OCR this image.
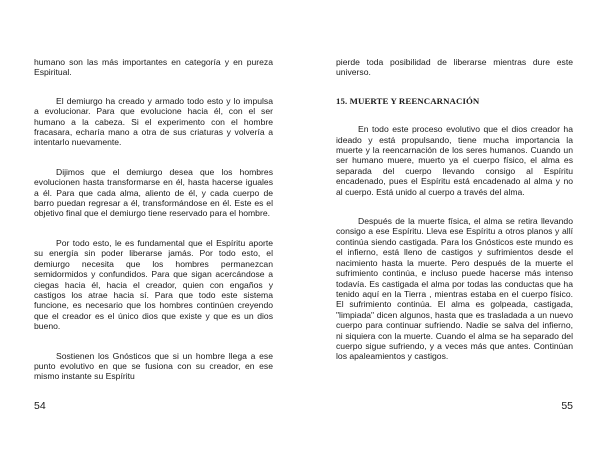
humano son las más importantes en categoría y en pureza Espiritual.

El demiurgo ha creado y armado todo esto y lo impulsa a evolucionar. Para que evolucione hacia él, con el ser humano a la cabeza. Si el experimento con el hombre fracasara, echaría mano a otra de sus criaturas y volvería a intentarlo nuevamente.

Dijimos que el demiurgo desea que los hombres evolucionen hasta transformarse en él, hasta hacerse iguales a él. Para que cada alma, aliento de él, y cada cuerpo de barro puedan regresar a él, transformándose en él. Este es el objetivo final que el demiurgo tiene reservado para el hombre.

Por todo esto, le es fundamental que el Espíritu aporte su energía sin poder liberarse jamás. Por todo esto, el demiurgo necesita que los hombres permanezcan semidormidos y confundidos. Para que sigan acercándose a ciegas hacia él, hacia el creador, quien con engaños y castigos los atrae hacia sí. Para que todo este sistema funcione, es necesario que los hombres continúen creyendo que el creador es el único dios que existe y que es un dios bueno.

Sostienen los Gnósticos que si un hombre llega a ese punto evolutivo en que se fusiona con su creador, en ese mismo instante su Espíritu

54

pierde toda posibilidad de liberarse mientras dure este universo.

15. MUERTE Y REENCARNACIÓN

En todo este proceso evolutivo que el dios creador ha ideado y está propulsando, tiene mucha importancia la muerte y la reencarnación de los seres humanos. Cuando un ser humano muere, muerto ya el cuerpo físico, el alma es separada del cuerpo llevando consigo al Espíritu encadenado, pues el Espíritu está encadenado al alma y no al cuerpo. Está unido al cuerpo a través del alma.

Después de la muerte física, el alma se retira llevando consigo a ese Espíritu. Lleva ese Espíritu a otros planos y allí continúa siendo castigada. Para los Gnósticos este mundo es el infierno, está lleno de castigos y sufrimientos desde el nacimiento hasta la muerte. Pero después de la muerte el sufrimiento continúa, e incluso puede hacerse más intenso todavía. Es castigada el alma por todas las conductas que ha tenido aquí en la Tierra , mientras estaba en el cuerpo físico. El sufrimiento continúa. El alma es golpeada, castigada, "limpiada" dicen algunos, hasta que es trasladada a un nuevo cuerpo para continuar sufriendo. Nadie se salva del infierno, ni siquiera con la muerte. Cuando el alma se ha separado del cuerpo sigue sufriendo, y a veces más que antes. Continúan los apaleamientos y castigos.

55
